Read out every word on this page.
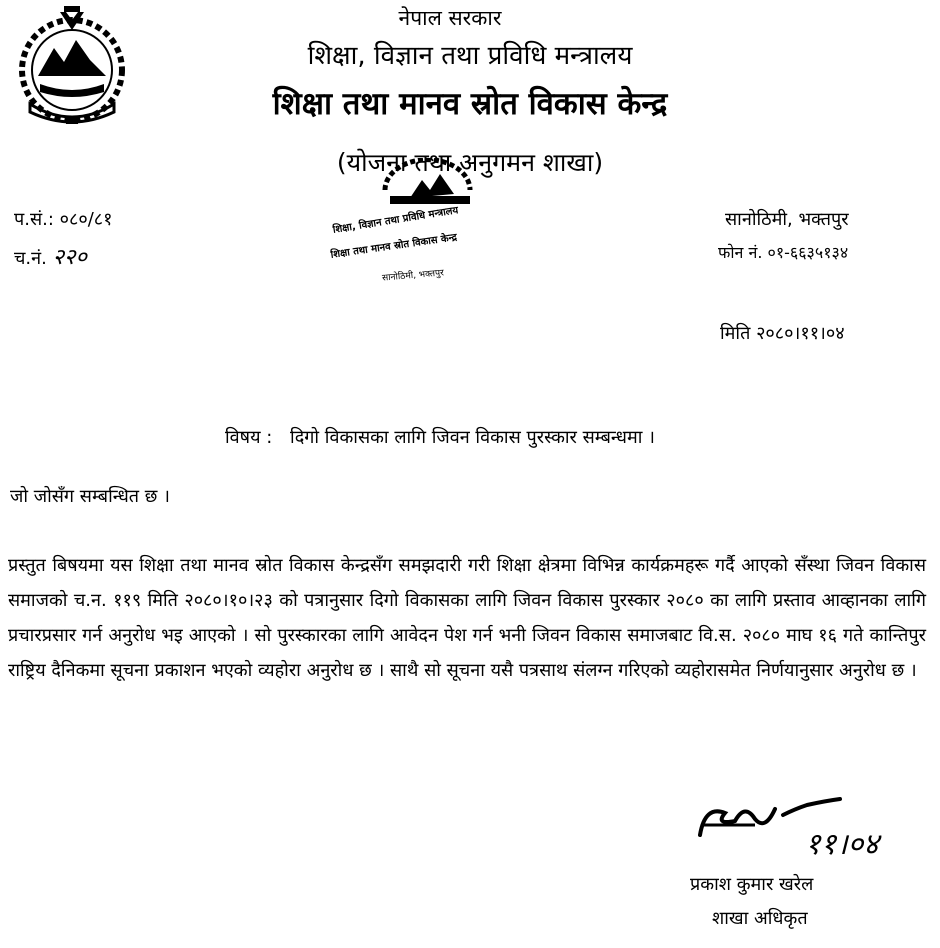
नेपाल सरकार
शिक्षा, विज्ञान तथा प्रविधि मन्त्रालय
शिक्षा तथा मानव स्रोत विकास केन्द्र
(योजना तथा अनुगमन शाखा)
शिक्षा, विज्ञान तथा प्रविधि मन्त्रालय
शिक्षा तथा मानव स्रोत विकास केन्द्र
सानोठिमी, भक्तपुर
प.सं.: ०८०/८१
च.नं. २२०
सानोठिमी, भक्तपुर
फोन नं. ०१-६६३५१३४
मिति २०८०।११।०४
विषय : दिगो विकासका लागि जिवन विकास पुरस्कार सम्बन्धमा ।
जो जोसँग सम्बन्धित छ ।
प्रस्तुत बिषयमा यस शिक्षा तथा मानव स्रोत विकास केन्द्रसँग समझदारी गरी शिक्षा क्षेत्रमा विभिन्न कार्यक्रमहरू गर्दै आएको सँस्था जिवन विकास समाजको च.न. ११९ मिति २०८०।१०।२३ को पत्रानुसार दिगो विकासका लागि जिवन विकास पुरस्कार २०८० का लागि प्रस्ताव आव्हानका लागि प्रचारप्रसार गर्न अनुरोध भइ आएको । सो पुरस्कारका लागि आवेदन पेश गर्न भनी जिवन विकास समाजबाट वि.स. २०८० माघ १६ गते कान्तिपुर राष्ट्रिय दैनिकमा सूचना प्रकाशन भएको व्यहोरा अनुरोध छ । साथै सो सूचना यसै पत्रसाथ संलग्न गरिएको व्यहोरासमेत निर्णयानुसार अनुरोध छ ।
११।०४
प्रकाश कुमार खरेल
शाखा अधिकृत
